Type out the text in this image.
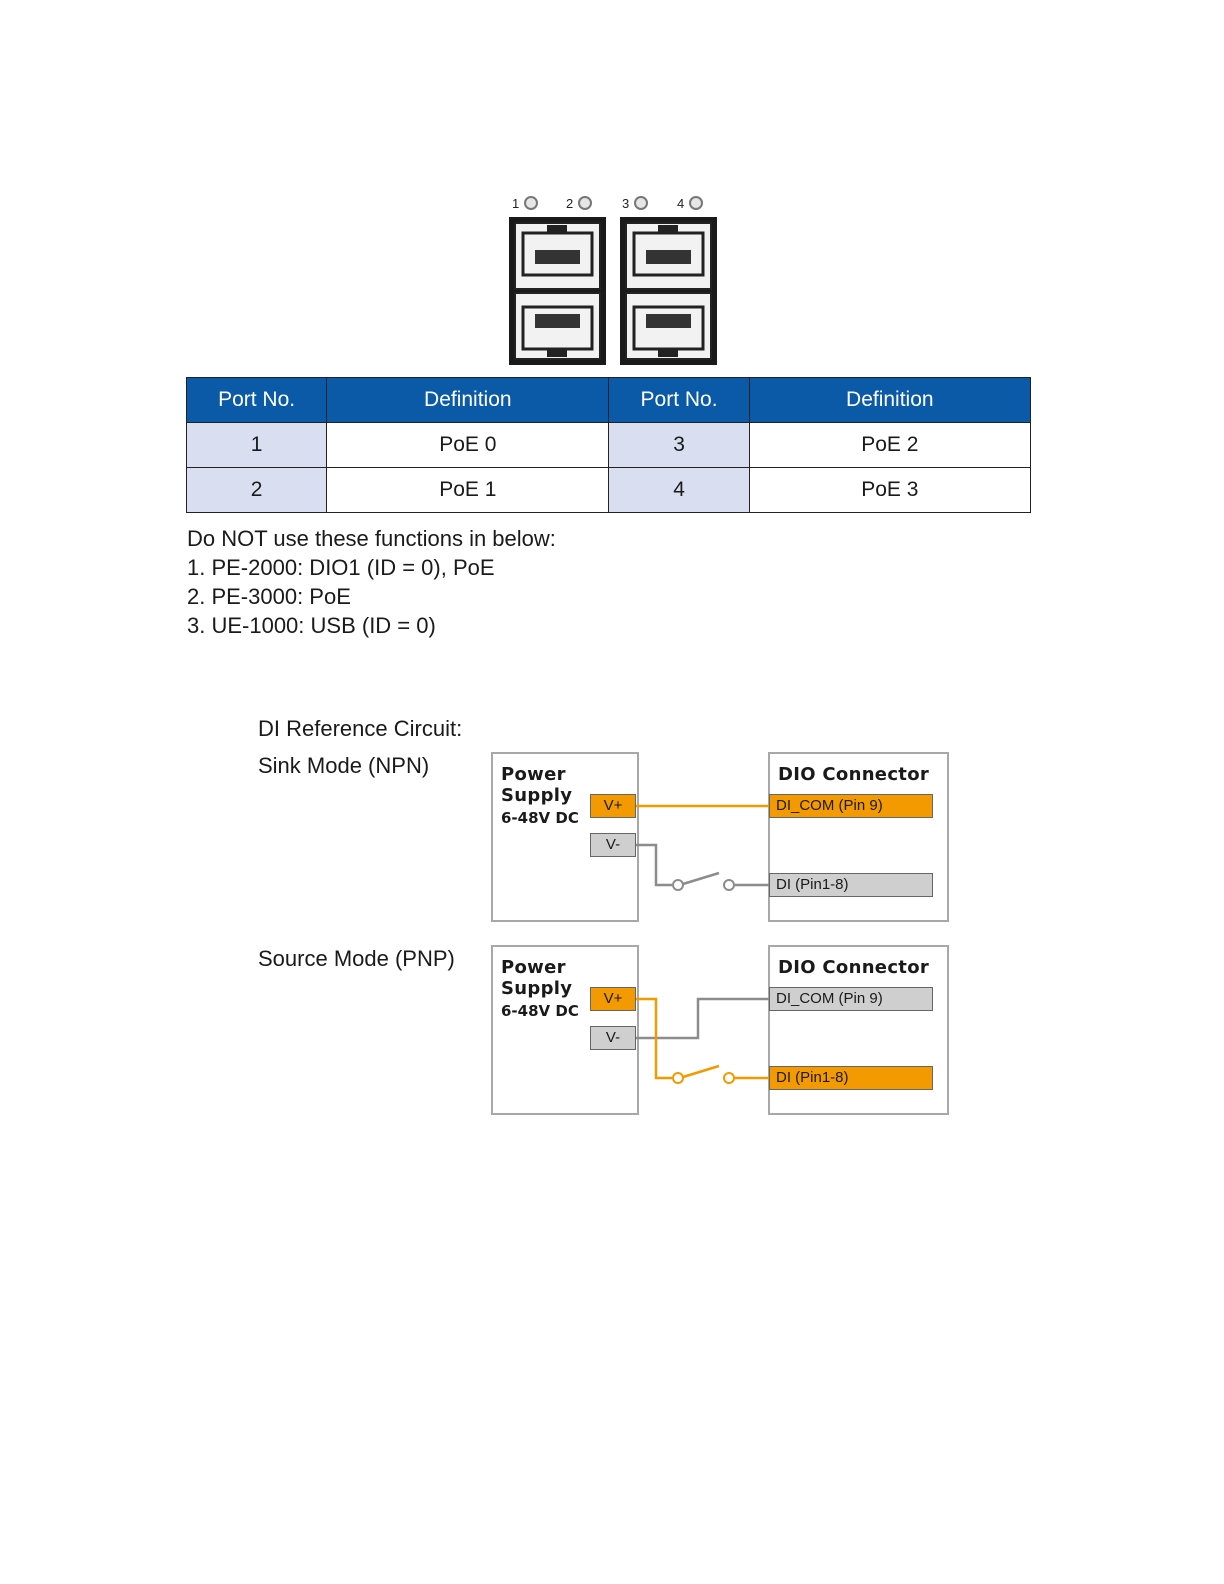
1	2	3	4
Port No.	Definition	Port No.	Definition
1	PoE 0	3	PoE 2
2	PoE 1	4	PoE 3
Do NOT use these functions in below:
1. PE-2000: DIO1 (ID = 0), PoE
2. PE-3000: PoE
3. UE-1000: USB (ID = 0)
DI Reference Circuit:
Sink Mode (NPN)
Source Mode (PNP)
Power
Supply
6-48V DC
V+
V-
DIO Connector
DI_COM (Pin 9)
DI (Pin1-8)
Power
Supply
6-48V DC
V+
V-
DIO Connector
DI_COM (Pin 9)
DI (Pin1-8)
